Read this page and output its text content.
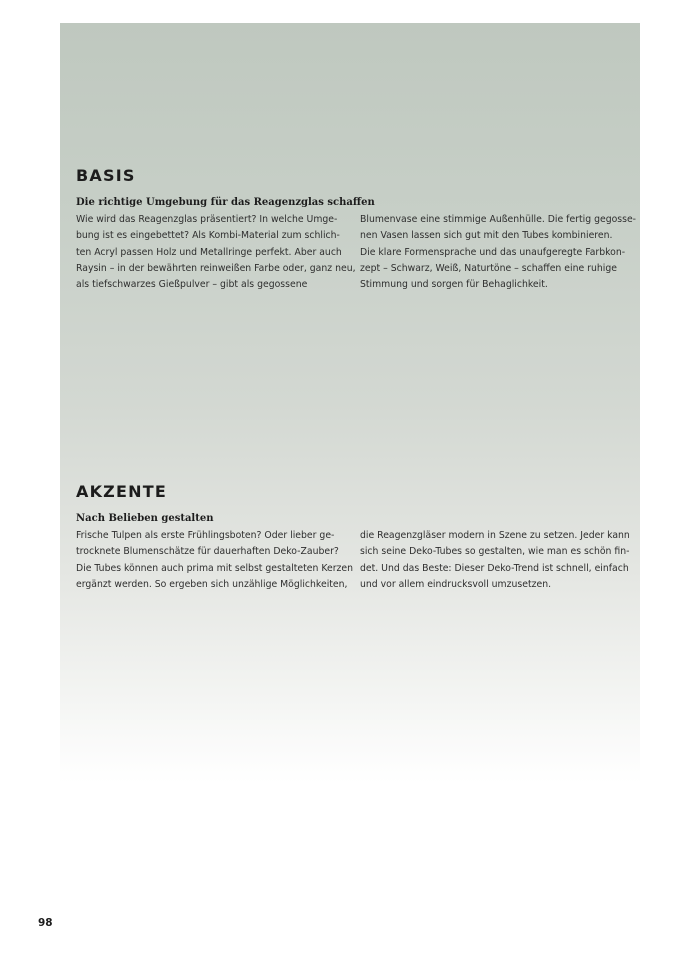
BASIS
Die richtige Umgebung für das Reagenzglas schaffen
Wie wird das Reagenzglas präsentiert? In welche Umge-
bung ist es eingebettet? Als Kombi-Material zum schlich-
ten Acryl passen Holz und Metallringe perfekt. Aber auch
Raysin – in der bewährten reinweißen Farbe oder, ganz neu,
als tiefschwarzes Gießpulver – gibt als gegossene
Blumenvase eine stimmige Außenhülle. Die fertig gegosse-
nen Vasen lassen sich gut mit den Tubes kombinieren.
Die klare Formensprache und das unaufgeregte Farbkon-
zept – Schwarz, Weiß, Naturtöne – schaffen eine ruhige
Stimmung und sorgen für Behaglichkeit.
AKZENTE
Nach Belieben gestalten
Frische Tulpen als erste Frühlingsboten? Oder lieber ge-
trocknete Blumenschätze für dauerhaften Deko-Zauber?
Die Tubes können auch prima mit selbst gestalteten Kerzen
ergänzt werden. So ergeben sich unzählige Möglichkeiten,
die Reagenzgläser modern in Szene zu setzen. Jeder kann
sich seine Deko-Tubes so gestalten, wie man es schön fin-
det. Und das Beste: Dieser Deko-Trend ist schnell, einfach
und vor allem eindrucksvoll umzusetzen.
98
